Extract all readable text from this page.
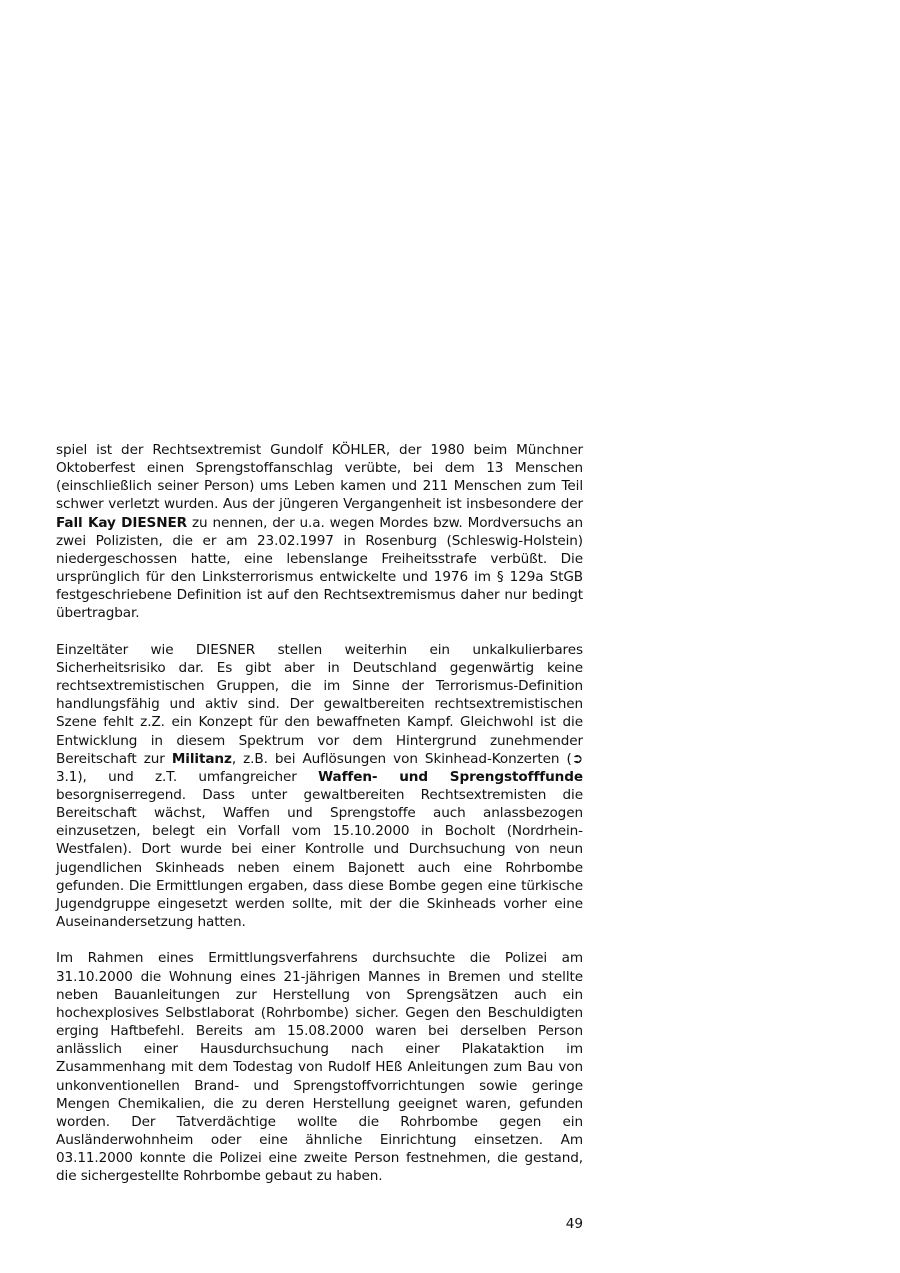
spiel ist der Rechtsextremist Gundolf KÖHLER, der 1980 beim Münchner Oktoberfest einen Sprengstoffanschlag verübte, bei dem 13 Menschen (einschließlich seiner Person) ums Leben kamen und 211 Menschen zum Teil schwer verletzt wurden. Aus der jüngeren Vergangenheit ist insbesondere der Fall Kay DIESNER zu nennen, der u.a. wegen Mordes bzw. Mordversuchs an zwei Polizisten, die er am 23.02.1997 in Rosenburg (Schleswig-Holstein) niedergeschossen hatte, eine lebenslange Freiheitsstrafe verbüßt. Die ursprünglich für den Linksterrorismus entwickelte und 1976 im § 129a StGB festgeschriebene Definition ist auf den Rechtsextremismus daher nur bedingt übertragbar.

Einzeltäter wie DIESNER stellen weiterhin ein unkalkulierbares Sicherheitsrisiko dar. Es gibt aber in Deutschland gegenwärtig keine rechtsextremistischen Gruppen, die im Sinne der Terrorismus-Definition handlungsfähig und aktiv sind. Der gewaltbereiten rechtsextremistischen Szene fehlt z.Z. ein Konzept für den bewaffneten Kampf. Gleichwohl ist die Entwicklung in diesem Spektrum vor dem Hintergrund zunehmender Bereitschaft zur Militanz, z.B. bei Auflösungen von Skinhead-Konzerten (➲ 3.1), und z.T. umfangreicher Waffen- und Sprengstofffunde besorgniserregend. Dass unter gewaltbereiten Rechtsextremisten die Bereitschaft wächst, Waffen und Sprengstoffe auch anlassbezogen einzusetzen, belegt ein Vorfall vom 15.10.2000 in Bocholt (Nordrhein-Westfalen). Dort wurde bei einer Kontrolle und Durchsuchung von neun jugendlichen Skinheads neben einem Bajonett auch eine Rohrbombe gefunden. Die Ermittlungen ergaben, dass diese Bombe gegen eine türkische Jugendgruppe eingesetzt werden sollte, mit der die Skinheads vorher eine Auseinandersetzung hatten.

Im Rahmen eines Ermittlungsverfahrens durchsuchte die Polizei am 31.10.2000 die Wohnung eines 21-jährigen Mannes in Bremen und stellte neben Bauanleitungen zur Herstellung von Sprengsätzen auch ein hochexplosives Selbstlaborat (Rohrbombe) sicher. Gegen den Beschuldigten erging Haftbefehl. Bereits am 15.08.2000 waren bei derselben Person anlässlich einer Hausdurchsuchung nach einer Plakataktion im Zusammenhang mit dem Todestag von Rudolf HEß Anleitungen zum Bau von unkonventionellen Brand- und Sprengstoffvorrichtungen sowie geringe Mengen Chemikalien, die zu deren Herstellung geeignet waren, gefunden worden. Der Tatverdächtige wollte die Rohrbombe gegen ein Ausländerwohnheim oder eine ähnliche Einrichtung einsetzen. Am 03.11.2000 konnte die Polizei eine zweite Person festnehmen, die gestand, die sichergestellte Rohrbombe gebaut zu haben.

49
